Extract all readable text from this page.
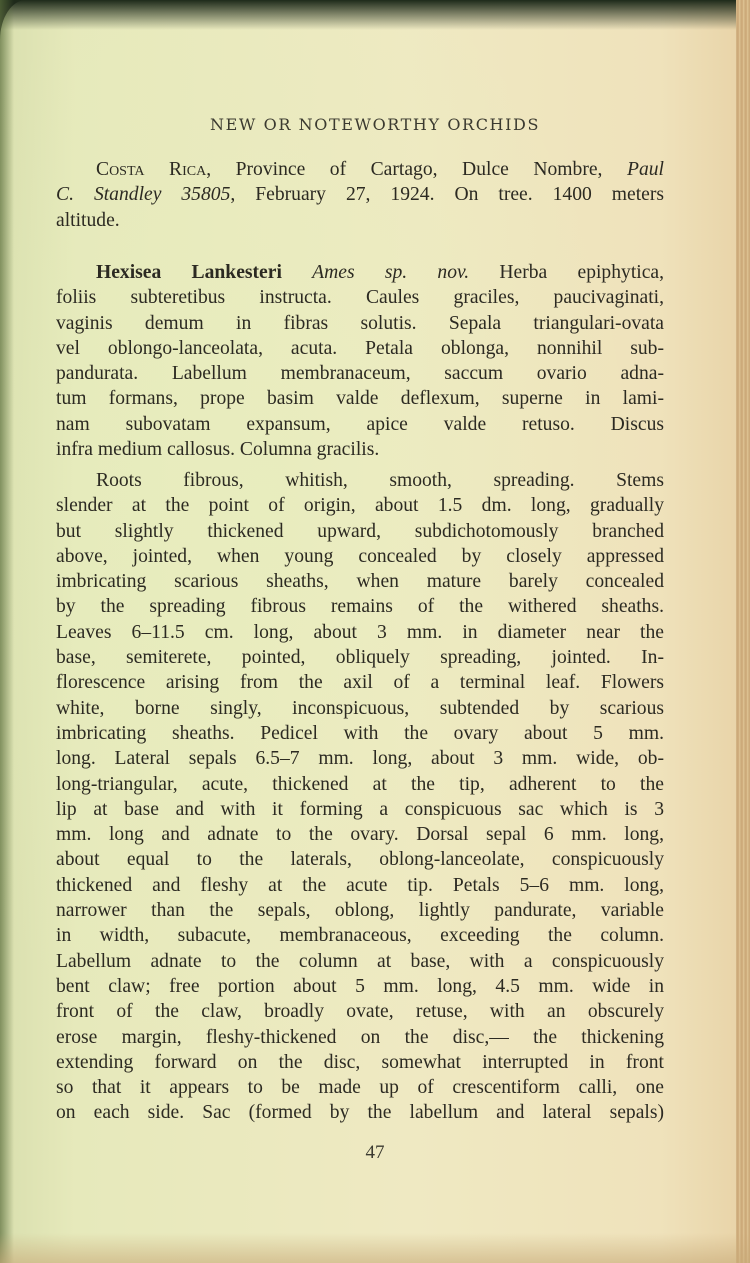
NEW OR NOTEWORTHY ORCHIDS
Costa Rica, Province of Cartago, Dulce Nombre, Paul
C. Standley 35805, February 27, 1924. On tree. 1400 meters
altitude.
Hexisea Lankesteri Ames sp. nov. Herba epiphytica,
foliis subteretibus instructa. Caules graciles, paucivaginati,
vaginis demum in fibras solutis. Sepala triangulari-ovata
vel oblongo-lanceolata, acuta. Petala oblonga, nonnihil sub-
pandurata. Labellum membranaceum, saccum ovario adna-
tum formans, prope basim valde deflexum, superne in lami-
nam subovatam expansum, apice valde retuso. Discus
infra medium callosus. Columna gracilis.
Roots fibrous, whitish, smooth, spreading. Stems
slender at the point of origin, about 1.5 dm. long, gradually
but slightly thickened upward, subdichotomously branched
above, jointed, when young concealed by closely appressed
imbricating scarious sheaths, when mature barely concealed
by the spreading fibrous remains of the withered sheaths.
Leaves 6–11.5 cm. long, about 3 mm. in diameter near the
base, semiterete, pointed, obliquely spreading, jointed. In-
florescence arising from the axil of a terminal leaf. Flowers
white, borne singly, inconspicuous, subtended by scarious
imbricating sheaths. Pedicel with the ovary about 5 mm.
long. Lateral sepals 6.5–7 mm. long, about 3 mm. wide, ob-
long-triangular, acute, thickened at the tip, adherent to the
lip at base and with it forming a conspicuous sac which is 3
mm. long and adnate to the ovary. Dorsal sepal 6 mm. long,
about equal to the laterals, oblong-lanceolate, conspicuously
thickened and fleshy at the acute tip. Petals 5–6 mm. long,
narrower than the sepals, oblong, lightly pandurate, variable
in width, subacute, membranaceous, exceeding the column.
Labellum adnate to the column at base, with a conspicuously
bent claw; free portion about 5 mm. long, 4.5 mm. wide in
front of the claw, broadly ovate, retuse, with an obscurely
erose margin, fleshy-thickened on the disc,— the thickening
extending forward on the disc, somewhat interrupted in front
so that it appears to be made up of crescentiform calli, one
on each side. Sac (formed by the labellum and lateral sepals)
47
